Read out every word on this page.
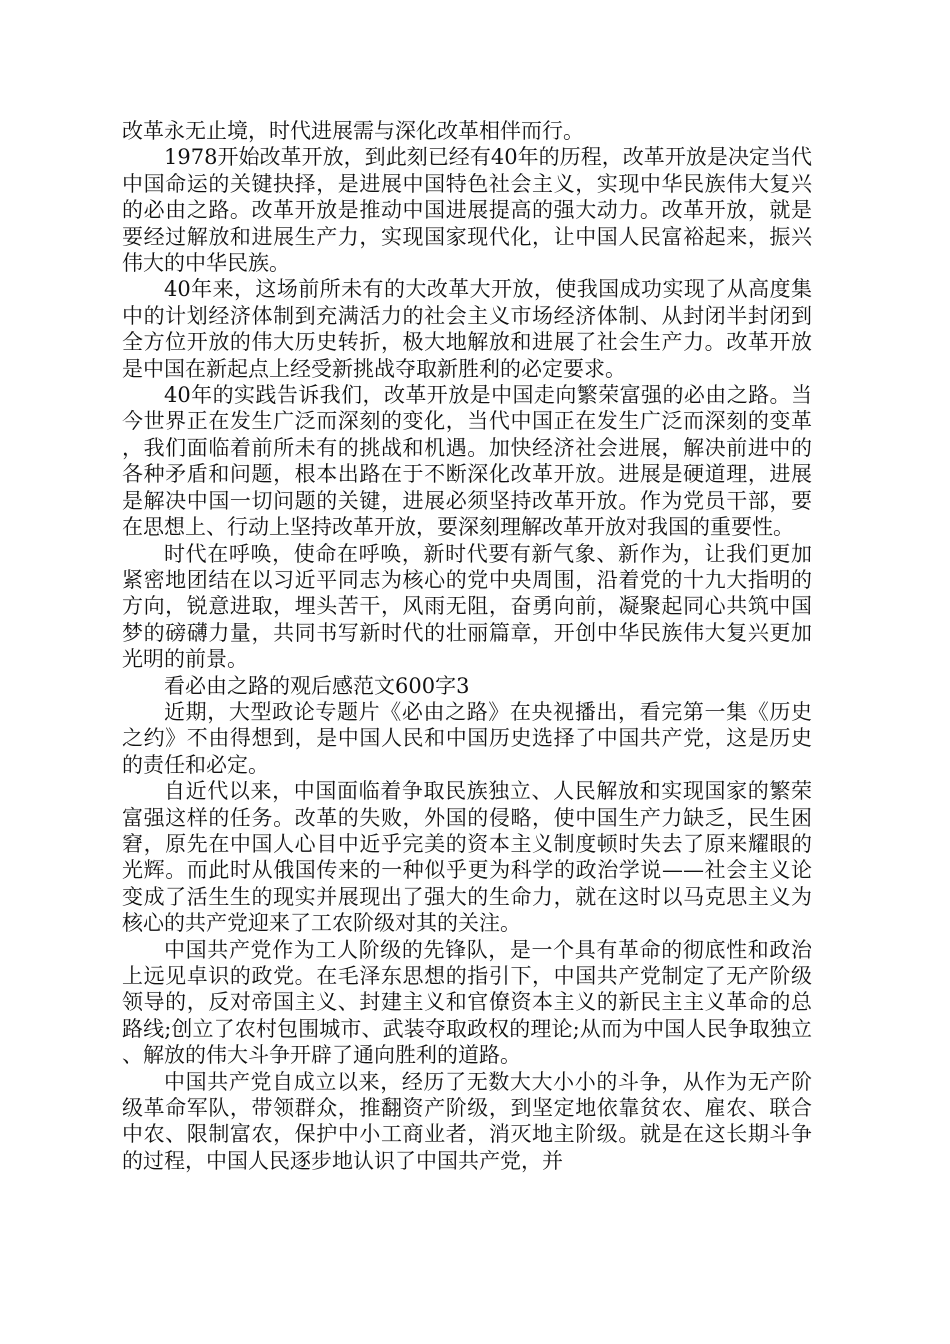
改革永无止境，时代进展需与深化改革相伴而行。

1978开始改革开放，到此刻已经有40年的历程，改革开放是决定当代中国命运的关键抉择，是进展中国特色社会主义，实现中华民族伟大复兴的必由之路。改革开放是推动中国进展提高的强大动力。改革开放，就是要经过解放和进展生产力，实现国家现代化，让中国人民富裕起来，振兴伟大的中华民族。

40年来，这场前所未有的大改革大开放，使我国成功实现了从高度集中的计划经济体制到充满活力的社会主义市场经济体制、从封闭半封闭到全方位开放的伟大历史转折，极大地解放和进展了社会生产力。改革开放是中国在新起点上经受新挑战夺取新胜利的必定要求。

40年的实践告诉我们，改革开放是中国走向繁荣富强的必由之路。当今世界正在发生广泛而深刻的变化，当代中国正在发生广泛而深刻的变革，我们面临着前所未有的挑战和机遇。加快经济社会进展，解决前进中的各种矛盾和问题，根本出路在于不断深化改革开放。进展是硬道理，进展是解决中国一切问题的关键，进展必须坚持改革开放。作为党员干部，要在思想上、行动上坚持改革开放，要深刻理解改革开放对我国的重要性。

时代在呼唤，使命在呼唤，新时代要有新气象、新作为，让我们更加紧密地团结在以习近平同志为核心的党中央周围，沿着党的十九大指明的方向，锐意进取，埋头苦干，风雨无阻，奋勇向前，凝聚起同心共筑中国梦的磅礴力量，共同书写新时代的壮丽篇章，开创中华民族伟大复兴更加光明的前景。

看必由之路的观后感范文600字3

近期，大型政论专题片《必由之路》在央视播出，看完第一集《历史之约》不由得想到，是中国人民和中国历史选择了中国共产党，这是历史的责任和必定。

自近代以来，中国面临着争取民族独立、人民解放和实现国家的繁荣富强这样的任务。改革的失败，外国的侵略，使中国生产力缺乏，民生困窘，原先在中国人心目中近乎完美的资本主义制度顿时失去了原来耀眼的光辉。而此时从俄国传来的一种似乎更为科学的政治学说——社会主义论变成了活生生的现实并展现出了强大的生命力，就在这时以马克思主义为核心的共产党迎来了工农阶级对其的关注。

中国共产党作为工人阶级的先锋队，是一个具有革命的彻底性和政治上远见卓识的政党。在毛泽东思想的指引下，中国共产党制定了无产阶级领导的，反对帝国主义、封建主义和官僚资本主义的新民主主义革命的总路线;创立了农村包围城市、武装夺取政权的理论;从而为中国人民争取独立、解放的伟大斗争开辟了通向胜利的道路。

中国共产党自成立以来，经历了无数大大小小的斗争，从作为无产阶级革命军队，带领群众，推翻资产阶级，到坚定地依靠贫农、雇农、联合中农、限制富农，保护中小工商业者，消灭地主阶级。就是在这长期斗争的过程，中国人民逐步地认识了中国共产党，并
